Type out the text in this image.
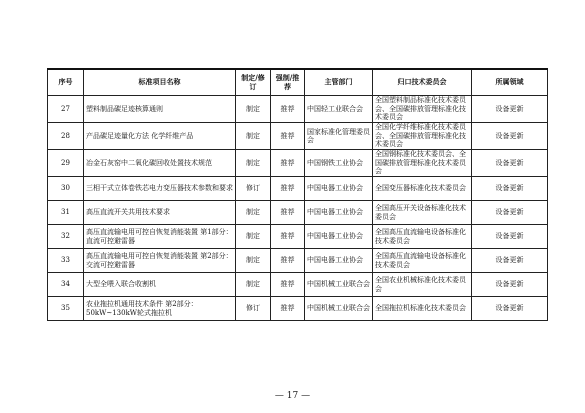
序号	标准项目名称	制定/修订	强制/推荐	主管部门	归口技术委员会	所属领域
27	塑料制品碳足迹核算通则	制定	推荐	中国轻工业联合会	全国塑料制品标准化技术委员会、全国碳排放管理标准化技术委员会	设备更新
28	产品碳足迹量化方法 化学纤维产品	制定	推荐	国家标准化管理委员会	全国化学纤维标准化技术委员会、全国碳排放管理标准化技术委员会	设备更新
29	冶金石灰窑中二氧化碳回收处置技术规范	制定	推荐	中国钢铁工业协会	全国钢标准化技术委员会、全国碳排放管理标准化技术委员会	设备更新
30	三相干式立体卷铁芯电力变压器技术参数和要求	修订	推荐	中国电器工业协会	全国变压器标准化技术委员会	设备更新
31	高压直流开关共用技术要求	制定	推荐	中国电器工业协会	全国高压开关设备标准化技术委员会	设备更新
32	高压直流输电用可控自恢复消能装置 第1部分：直流可控避雷器	制定	推荐	中国电器工业协会	全国高压直流输电设备标准化技术委员会	设备更新
33	高压直流输电用可控自恢复消能装置 第2部分：交流可控避雷器	制定	推荐	中国电器工业协会	全国高压直流输电设备标准化技术委员会	设备更新
34	大型全喂入联合收割机	制定	推荐	中国机械工业联合会	全国农业机械标准化技术委员会	设备更新
35	农业拖拉机通用技术条件 第2部分：50kW~130kW轮式拖拉机	修订	推荐	中国机械工业联合会	全国拖拉机标准化技术委员会	设备更新
— 17 —
